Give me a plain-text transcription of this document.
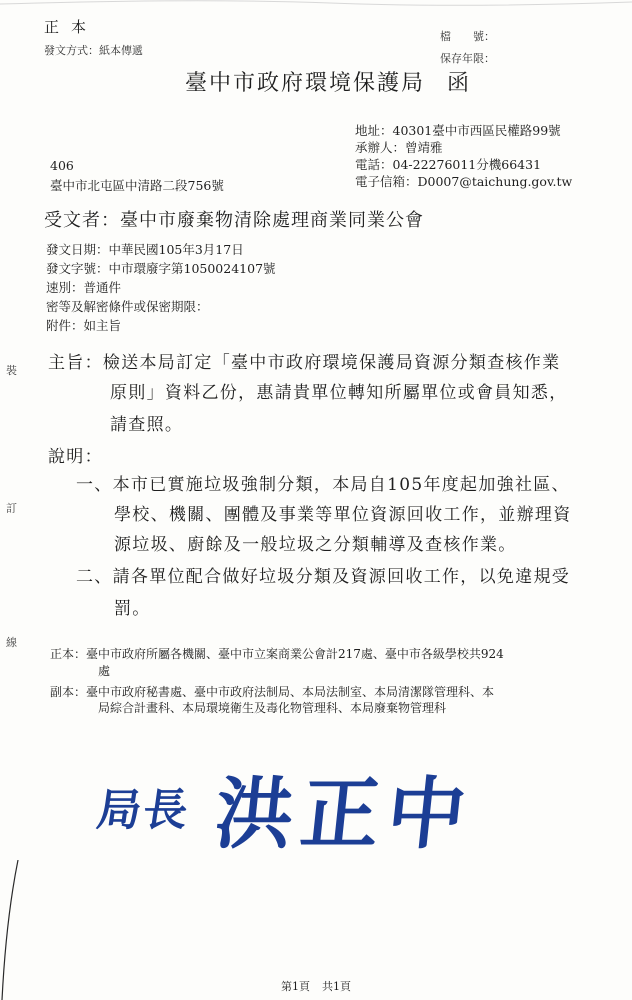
正本
發文方式：紙本傳遞
檔　　號：
保存年限：
臺中市政府環境保護局 函
地址：40301臺中市西區民權路99號
承辦人：曾靖雅
電話：04-22276011分機66431
電子信箱：D0007@taichung.gov.tw
406
臺中市北屯區中清路二段756號
受文者：臺中市廢棄物清除處理商業同業公會
發文日期：中華民國105年3月17日
發文字號：中市環廢字第1050024107號
速別：普通件
密等及解密條件或保密期限：
附件：如主旨
裝
訂
線
主旨：檢送本局訂定「臺中市政府環境保護局資源分類查核作業
原則」資料乙份，惠請貴單位轉知所屬單位或會員知悉，
請查照。
說明：
一、本市已實施垃圾強制分類，本局自105年度起加強社區、
學校、機關、團體及事業等單位資源回收工作，並辦理資
源垃圾、廚餘及一般垃圾之分類輔導及查核作業。
二、請各單位配合做好垃圾分類及資源回收工作，以免違規受
罰。
正本：臺中市政府所屬各機關、臺中市立案商業公會計217處、臺中市各級學校共924
處
副本：臺中市政府秘書處、臺中市政府法制局、本局法制室、本局清潔隊管理科、本
局綜合計畫科、本局環境衛生及毒化物管理科、本局廢棄物管理科
局長 洪正中
第1頁 共1頁
